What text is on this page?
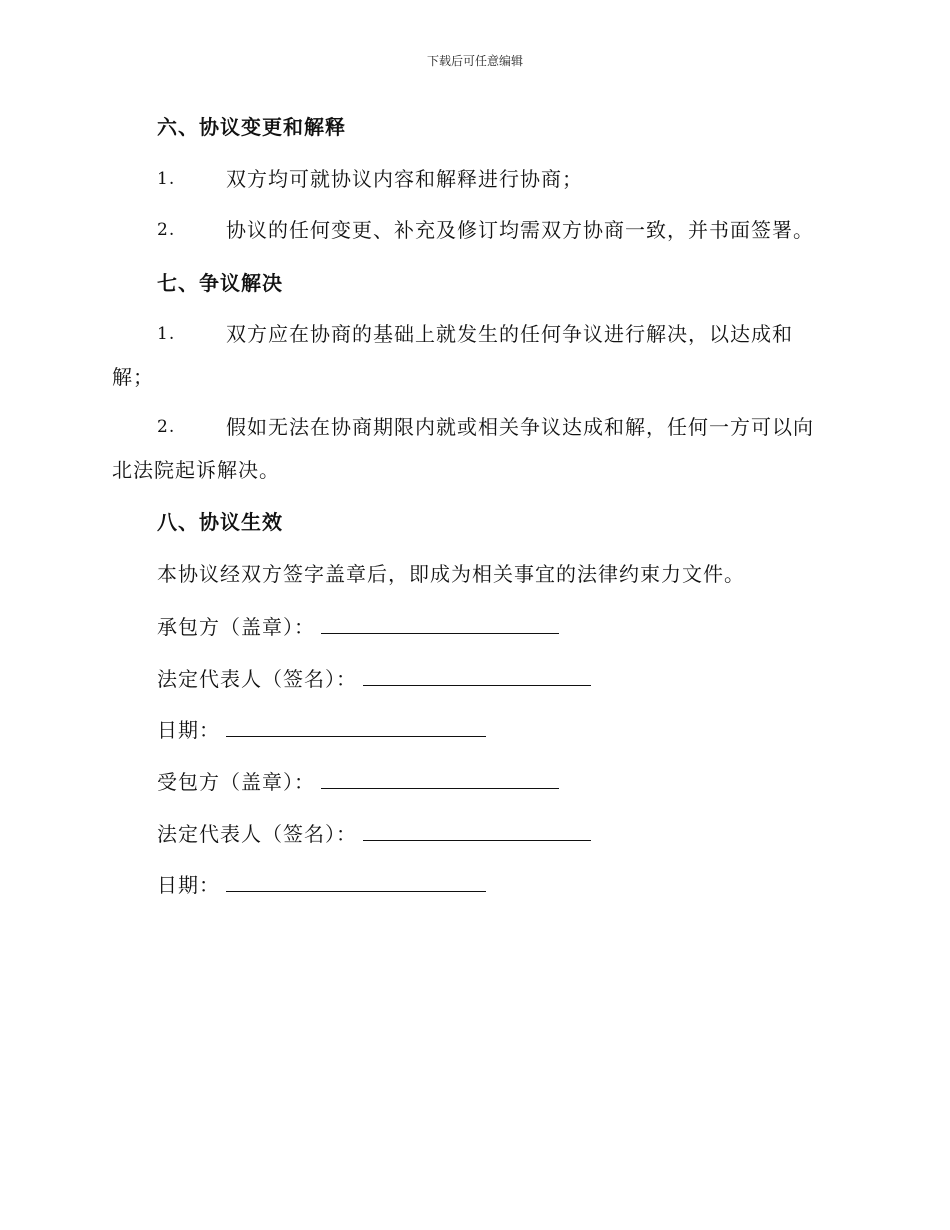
下载后可任意编辑
六、协议变更和解释
1.	双方均可就协议内容和解释进行协商；
2.	协议的任何变更、补充及修订均需双方协商一致，并书面签署。
七、争议解决
1.	双方应在协商的基础上就发生的任何争议进行解决，以达成和
解；
2.	假如无法在协商期限内就或相关争议达成和解，任何一方可以向
北法院起诉解决。
八、协议生效
本协议经双方签字盖章后，即成为相关事宜的法律约束力文件。
承包方（盖章）：
法定代表人（签名）：
日期：
受包方（盖章）：
法定代表人（签名）：
日期：
